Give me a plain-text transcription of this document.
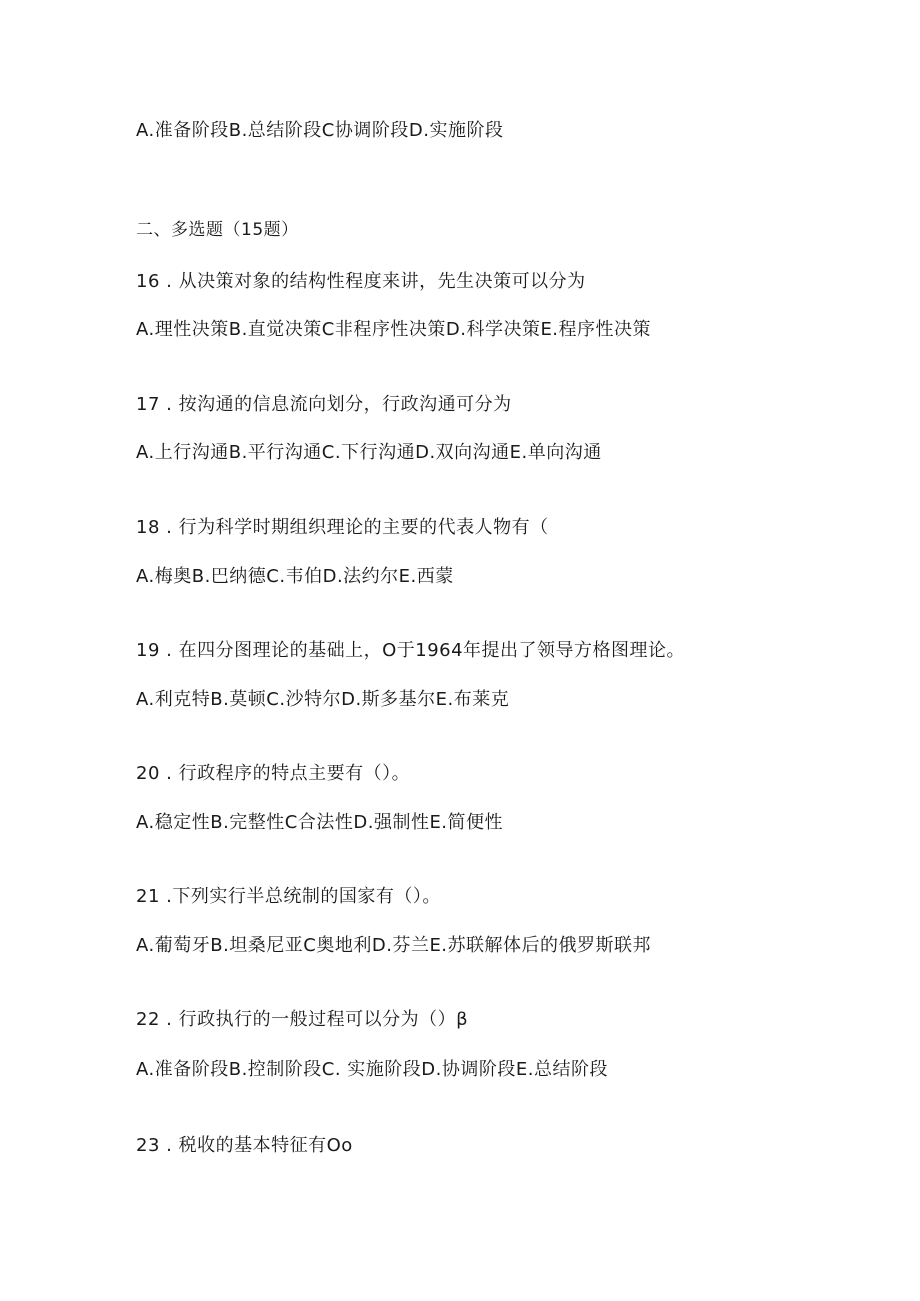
A.准备阶段B.总结阶段C协调阶段D.实施阶段
二、多选题（15题）
16 . 从决策对象的结构性程度来讲，先生决策可以分为
A.理性决策B.直觉决策C非程序性决策D.科学决策E.程序性决策
17 . 按沟通的信息流向划分，行政沟通可分为
A.上行沟通B.平行沟通C.下行沟通D.双向沟通E.单向沟通
18 . 行为科学时期组织理论的主要的代表人物有（
A.梅奥B.巴纳德C.韦伯D.法约尔E.西蒙
19 . 在四分图理论的基础上，O于1964年提出了领导方格图理论。
A.利克特B.莫顿C.沙特尔D.斯多基尔E.布莱克
20 . 行政程序的特点主要有（）。
A.稳定性B.完整性C合法性D.强制性E.简便性
21 .下列实行半总统制的国家有（）。
A.葡萄牙B.坦桑尼亚C奥地利D.芬兰E.苏联解体后的俄罗斯联邦
22 . 行政执行的一般过程可以分为（）β
A.准备阶段B.控制阶段C. 实施阶段D.协调阶段E.总结阶段
23 . 税收的基本特征有Oo
